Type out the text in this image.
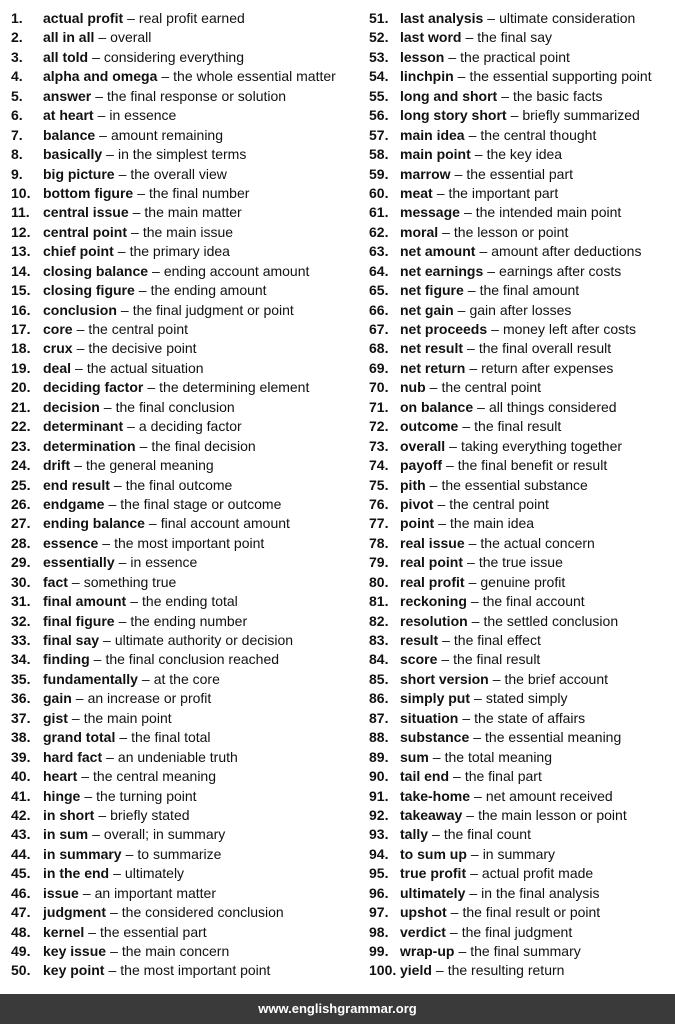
1.	actual profit – real profit earned
2.	all in all – overall
3.	all told – considering everything
4.	alpha and omega – the whole essential matter
5.	answer – the final response or solution
6.	at heart – in essence
7.	balance – amount remaining
8.	basically – in the simplest terms
9.	big picture – the overall view
10. bottom figure – the final number
11. central issue – the main matter
12. central point – the main issue
13. chief point – the primary idea
14. closing balance – ending account amount
15. closing figure – the ending amount
16. conclusion – the final judgment or point
17. core – the central point
18. crux – the decisive point
19. deal – the actual situation
20. deciding factor – the determining element
21. decision – the final conclusion
22. determinant – a deciding factor
23. determination – the final decision
24. drift – the general meaning
25. end result – the final outcome
26. endgame – the final stage or outcome
27. ending balance – final account amount
28. essence – the most important point
29. essentially – in essence
30. fact – something true
31. final amount – the ending total
32. final figure – the ending number
33. final say – ultimate authority or decision
34. finding – the final conclusion reached
35. fundamentally – at the core
36. gain – an increase or profit
37. gist – the main point
38. grand total – the final total
39. hard fact – an undeniable truth
40. heart – the central meaning
41. hinge – the turning point
42. in short – briefly stated
43. in sum – overall; in summary
44. in summary – to summarize
45. in the end – ultimately
46. issue – an important matter
47. judgment – the considered conclusion
48. kernel – the essential part
49. key issue – the main concern
50. key point – the most important point
51. last analysis – ultimate consideration
52. last word – the final say
53. lesson – the practical point
54. linchpin – the essential supporting point
55. long and short – the basic facts
56. long story short – briefly summarized
57. main idea – the central thought
58. main point – the key idea
59. marrow – the essential part
60. meat – the important part
61. message – the intended main point
62. moral – the lesson or point
63. net amount – amount after deductions
64. net earnings – earnings after costs
65. net figure – the final amount
66. net gain – gain after losses
67. net proceeds – money left after costs
68. net result – the final overall result
69. net return – return after expenses
70. nub – the central point
71. on balance – all things considered
72. outcome – the final result
73. overall – taking everything together
74. payoff – the final benefit or result
75. pith – the essential substance
76. pivot – the central point
77. point – the main idea
78. real issue – the actual concern
79. real point – the true issue
80. real profit – genuine profit
81. reckoning – the final account
82. resolution – the settled conclusion
83. result – the final effect
84. score – the final result
85. short version – the brief account
86. simply put – stated simply
87. situation – the state of affairs
88. substance – the essential meaning
89. sum – the total meaning
90. tail end – the final part
91. take-home – net amount received
92. takeaway – the main lesson or point
93. tally – the final count
94. to sum up – in summary
95. true profit – actual profit made
96. ultimately – in the final analysis
97. upshot – the final result or point
98. verdict – the final judgment
99. wrap-up – the final summary
100. yield – the resulting return
www.englishgrammar.org
